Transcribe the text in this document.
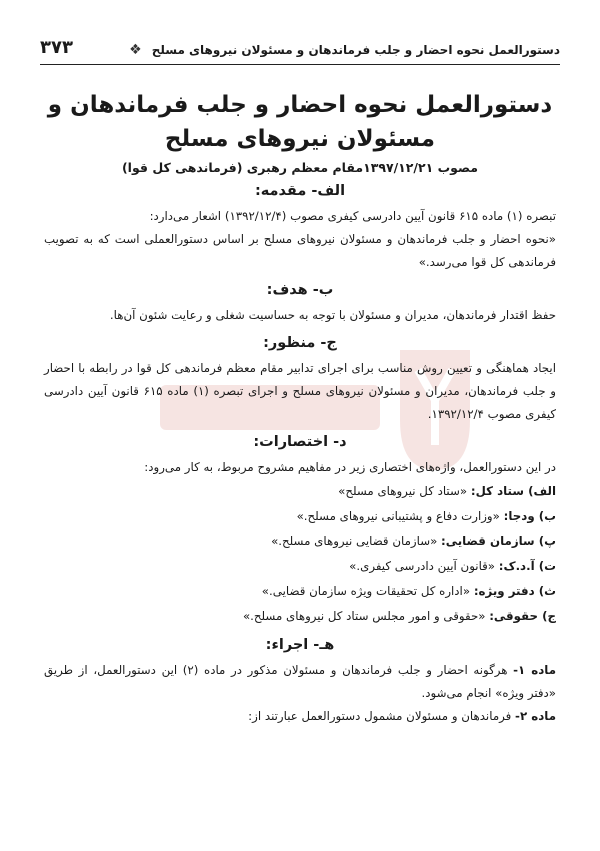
دستورالعمل نحوه احضار و جلب فرماندهان و مسئولان نیروهای مسلح
❖
۳۷۳
دستورالعمل نحوه احضار و جلب فرماندهان و مسئولان نیروهای مسلح

مصوب ۱۳۹۷/۱۲/۲۱مقام معظم رهبری (فرماندهی کل قوا)

الف- مقدمه:

تبصره (۱) ماده ۶۱۵ قانون آیین دادرسی کیفری مصوب (۱۳۹۲/۱۲/۴) اشعار می‌دارد:

«نحوه احضار و جلب فرماندهان و مسئولان نیروهای مسلح بر اساس دستورالعملی است که به تصویب فرماندهی کل قوا می‌رسد.»

ب- هدف:

حفظ اقتدار فرماندهان، مدیران و مسئولان با توجه به حساسیت شغلی و رعایت شئون آن‌ها.

ج- منظور:

ایجاد هماهنگی و تعیین روش مناسب برای اجرای تدابیر مقام معظم فرماندهی کل قوا در رابطه با احضار و جلب فرماندهان، مدیران و مسئولان نیروهای مسلح و اجرای تبصره (۱) ماده ۶۱۵ قانون آیین دادرسی کیفری مصوب ۱۳۹۲/۱۲/۴.

د- اختصارات:

در این دستورالعمل، واژه‌های اختصاری زیر در مفاهیم مشروح مربوط، به کار می‌رود:

الف) ستاد کل: «ستاد کل نیروهای مسلح»

ب) ودجا: «وزارت دفاع و پشتیبانی نیروهای مسلح.»

پ) سازمان قضایی: «سازمان قضایی نیروهای مسلح.»

ت) آ.د.ک: «قانون آیین دادرسی کیفری.»

ث) دفتر ویژه: «اداره کل تحقیقات ویژه سازمان قضایی.»

ج) حقوقی: «حقوقی و امور مجلس ستاد کل نیروهای مسلح.»

هـ- اجراء:

ماده ۱- هرگونه احضار و جلب فرماندهان و مسئولان مذکور در ماده (۲) این دستورالعمل، از طریق «دفتر ویژه» انجام می‌شود.

ماده ۲- فرماندهان و مسئولان مشمول دستورالعمل عبارتند از:
